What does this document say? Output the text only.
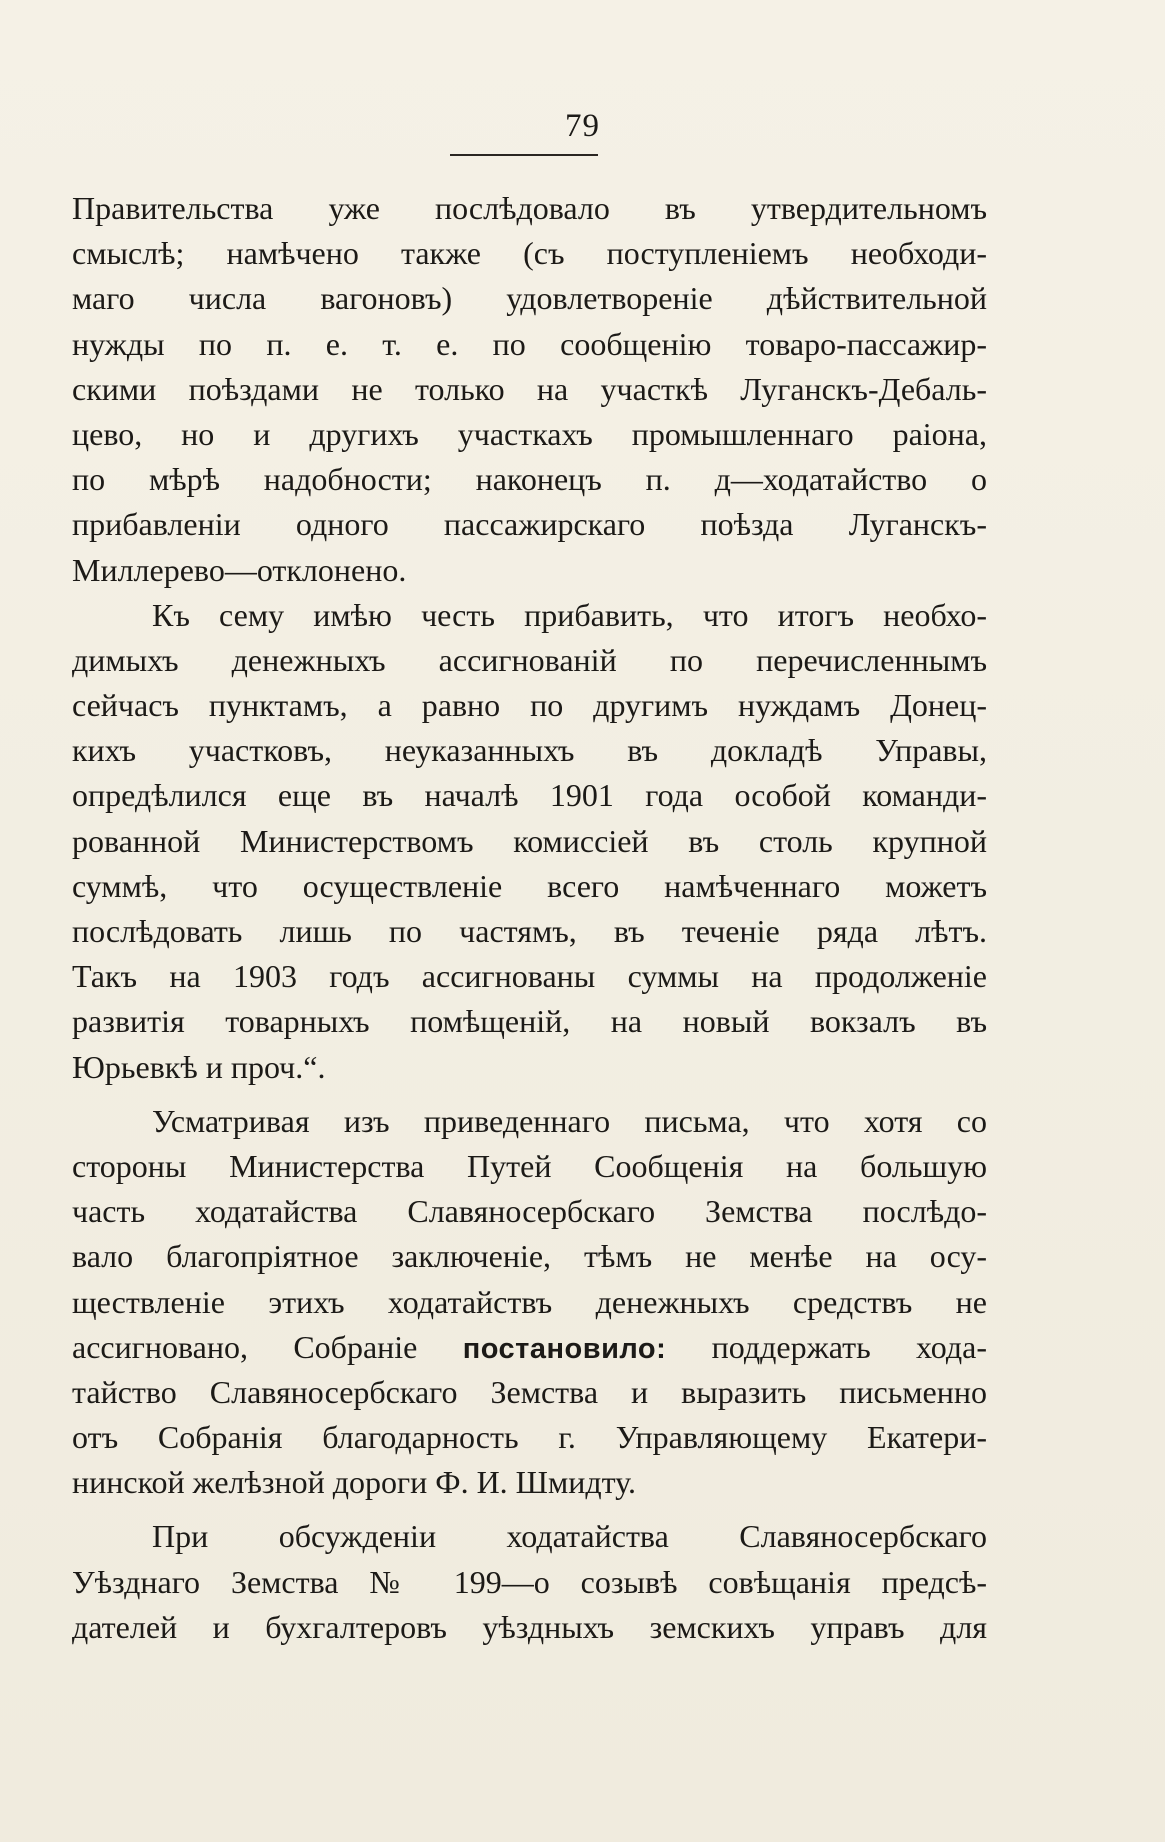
79
Правительства уже послѣдовало въ утвердительномъ
смыслѣ; намѣчено также (съ поступленіемъ необходи-
маго числа вагоновъ) удовлетвореніе дѣйствительной
нужды по п. е. т. е. по сообщенію товаро-пассажир-
скими поѣздами не только на участкѣ Луганскъ-Дебаль-
цево, но и другихъ участкахъ промышленнаго раіона,
по мѣрѣ надобности; наконецъ п. д—ходатайство о
прибавленіи одного пассажирскаго поѣзда Луганскъ-
Миллерево—отклонено.
Къ сему имѣю честь прибавить, что итогъ необхо-
димыхъ денежныхъ ассигнованій по перечисленнымъ
сейчасъ пунктамъ, а равно по другимъ нуждамъ Донец-
кихъ участковъ, неуказанныхъ въ докладѣ Управы,
опредѣлился еще въ началѣ 1901 года особой команди-
рованной Министерствомъ комиссіей въ столь крупной
суммѣ, что осуществленіе всего намѣченнаго можетъ
послѣдовать лишь по частямъ, въ теченіе ряда лѣтъ.
Такъ на 1903 годъ ассигнованы суммы на продолженіе
развитія товарныхъ помѣщеній, на новый вокзалъ въ
Юрьевкѣ и проч.“.
Усматривая изъ приведеннаго письма, что хотя со
стороны Министерства Путей Сообщенія на большую
часть ходатайства Славяносербскаго Земства послѣдо-
вало благопріятное заключеніе, тѣмъ не менѣе на осу-
ществленіе этихъ ходатайствъ денежныхъ средствъ не
ассигновано, Собраніе постановило: поддержать хода-
тайство Славяносербскаго Земства и выразить письменно
отъ Собранія благодарность г. Управляющему Екатери-
нинской желѣзной дороги Ф. И. Шмидту.
При обсужденіи ходатайства Славяносербскаго
Уѣзднаго Земства № 199—о созывѣ совѣщанія предсѣ-
дателей и бухгалтеровъ уѣздныхъ земскихъ управъ для
